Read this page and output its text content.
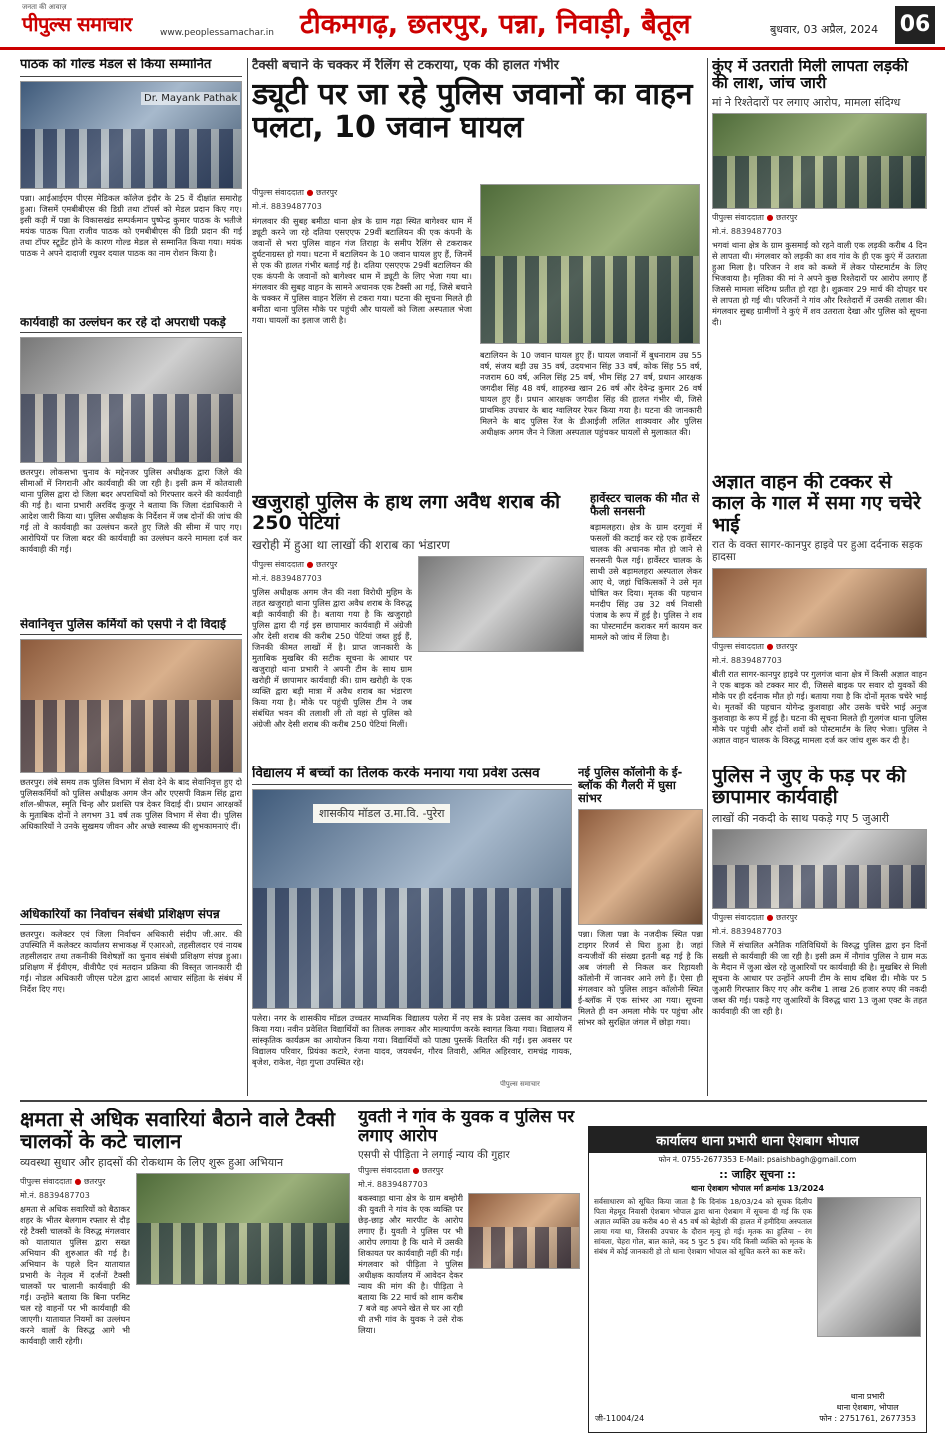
जनता की आवाज़
पीपुल्स समाचार	www.peoplessamachar.in टीकमगढ़, छतरपुर, पन्ना, निवाड़ी, बैतूल	बुधवार, 03 अप्रैल, 2024 06
पाठक को गोल्ड मेडल से किया सम्मानित
Dr. Mayank Pathak
पन्ना। आईआईएम पीएस मेडिकल कॉलेज इंदौर के 25 वें दीक्षांत समारोह हुआ। जिसमें एमबीबीएस की डिग्री तथा टॉपर्स को मेडल प्रदान किए गए। इसी कड़ी में पन्ना के विकासखंड सम्पर्कमान पुष्पेन्द्र कुमार पाठक के भतीजे मयंक पाठक पिता राजीव पाठक को एमबीबीएस की डिग्री प्रदान की गई तथा टॉपर स्टूडेंट होने के कारण गोल्ड मेडल से सम्मानित किया गया। मयंक पाठक ने अपने दादाजी रघुवर दयाल पाठक का नाम रोशन किया है।
कार्यवाही का उल्लंघन कर रहे दो अपराधी पकड़े
छतरपुर। लोकसभा चुनाव के मद्देनजर पुलिस अधीक्षक द्वारा जिले की सीमाओं में निगरानी और कार्यवाही की जा रही है। इसी क्रम में कोतवाली थाना पुलिस द्वारा दो जिला बदर अपराधियों को गिरफ्तार करने की कार्यवाही की गई है। थाना प्रभारी अरविंद कुजूर ने बताया कि जिला दंडाधिकारी ने आदेश जारी किया था। पुलिस अधीक्षक के निर्देशन में जब दोनों की जांच की गई तो वे कार्यवाही का उल्लंघन करते हुए जिले की सीमा में पाए गए। आरोपियों पर जिला बदर की कार्यवाही का उल्लंघन करने मामला दर्ज कर कार्यवाही की गई।
सेवानिवृत्त पुलिस कर्मियों को एसपी ने दी विदाई
छतरपुर। लंबे समय तक पुलिस विभाग में सेवा देने के बाद सेवानिवृत्त हुए दो पुलिसकर्मियों को पुलिस अधीक्षक अगम जैन और एएसपी विक्रम सिंह द्वारा शॉल-श्रीफल, स्मृति चिन्ह और प्रशस्ति पत्र देकर विदाई दी। प्रधान आरक्षकों के मुताबिक दोनों ने लगभग 31 वर्ष तक पुलिस विभाग में सेवा दी। पुलिस अधिकारियों ने उनके सुखमय जीवन और अच्छे स्वास्थ्य की शुभकामनाएं दीं।
अधिकारियों का निर्वाचन संबंधी प्रशिक्षण संपन्न
छतरपुर। कलेक्टर एवं जिला निर्वाचन अधिकारी संदीप जी.आर. की उपस्थिति में कलेक्टर कार्यालय सभाकक्ष में एआरओ, तहसीलदार एवं नायब तहसीलदार तथा तकनीकी विशेषज्ञों का चुनाव संबंधी प्रशिक्षण संपन्न हुआ। प्रशिक्षण में ईवीएम, वीवीपैट एवं मतदान प्रक्रिया की विस्तृत जानकारी दी गई। नोडल अधिकारी जीएस पटेल द्वारा आदर्श आचार संहिता के संबंध में निर्देश दिए गए।
टैक्सी बचाने के चक्कर में रैलिंग से टकराया, एक की हालत गंभीर
ड्यूटी पर जा रहे पुलिस जवानों का वाहन पलटा, 10 जवान घायल
पीपुल्स संवाददाता ● छतरपुर
मो.नं. 8839487703
मंगलवार की सुबह बमीठा थाना क्षेत्र के ग्राम गढ़ा स्थित बागेश्वर धाम में ड्यूटी करने जा रहे दतिया एसएएफ 29वीं बटालियन की एक कंपनी के जवानों से भरा पुलिस वाहन गंज तिराहा के समीप रैलिंग से टकराकर दुर्घटनाग्रस्त हो गया। घटना में बटालियन के 10 जवान घायल हुए हैं, जिनमें से एक की हालत गंभीर बताई गई है। दतिया एसएएफ 29वीं बटालियन की एक कंपनी के जवानों को बागेश्वर धाम में ड्यूटी के लिए भेजा गया था। मंगलवार की सुबह वाहन के सामने अचानक एक टैक्सी आ गई, जिसे बचाने के चक्कर में पुलिस वाहन रैलिंग से टकरा गया। घटना की सूचना मिलते ही बमीठा थाना पुलिस मौके पर पहुंची और घायलों को जिला अस्पताल भेजा गया। घायलों का इलाज जारी है।
बटालियन के 10 जवान घायल हुए हैं। घायल जवानों में बुधनाराम उम्र 55 वर्ष, संजय बड़ी उम्र 35 वर्ष, उदयभान सिंह 33 वर्ष, कोक सिंह 55 वर्ष, नजराम 60 वर्ष, अनिल सिंह 25 वर्ष, भीम सिंह 27 वर्ष, प्रधान आरक्षक जगदीश सिंह 48 वर्ष, शाहरुख खान 26 वर्ष और देवेन्द्र कुमार 26 वर्ष घायल हुए हैं। प्रधान आरक्षक जगदीश सिंह की हालत गंभीर थी, जिसे प्राथमिक उपचार के बाद ग्वालियर रेफर किया गया है। घटना की जानकारी मिलने के बाद पुलिस रेंज के डीआईजी ललित शाक्यवार और पुलिस अधीक्षक अगम जैन ने जिला अस्पताल पहुंचकर घायलों से मुलाकात की।
खजुराहो पुलिस के हाथ लगा अवैध शराब की 250 पेटियां
खरोही में हुआ था लाखों की शराब का भंडारण
पीपुल्स संवाददाता ● छतरपुर
मो.नं. 8839487703
पुलिस अधीक्षक अगम जैन की नशा विरोधी मुहिम के तहत खजुराहो थाना पुलिस द्वारा अवैध शराब के विरुद्ध बड़ी कार्यवाही की है। बताया गया है कि खजुराहो पुलिस द्वारा दी गई इस छापामार कार्यवाही में अंग्रेजी और देसी शराब की करीब 250 पेटियां जब्त हुई हैं, जिनकी कीमत लाखों में है। प्राप्त जानकारी के मुताबिक मुखबिर की सटीक सूचना के आधार पर खजुराहो थाना प्रभारी ने अपनी टीम के साथ ग्राम खरोही में छापामार कार्यवाही की। ग्राम खरोही के एक व्यक्ति द्वारा बड़ी मात्रा में अवैध शराब का भंडारण किया गया है। मौके पर पहुंची पुलिस टीम ने जब संबंधित भवन की तलाशी ली तो वहां से पुलिस को अंग्रेजी और देसी शराब की करीब 250 पेटियां मिलीं।
हार्वेस्टर चालक की मौत से फैली सनसनी
बड़ामलहरा। क्षेत्र के ग्राम दरगुवां में फसलों की कटाई कर रहे एक हार्वेस्टर चालक की अचानक मौत हो जाने से सनसनी फैल गई। हार्वेस्टर चालक के साथी उसे बड़ामलहरा अस्पताल लेकर आए थे, जहां चिकित्सकों ने उसे मृत घोषित कर दिया। मृतक की पहचान मनदीप सिंह उम्र 32 वर्ष निवासी पंजाब के रूप में हुई है। पुलिस ने शव का पोस्टमार्टम कराकर मर्ग कायम कर मामले को जांच में लिया है।
विद्यालय में बच्चों का तिलक करके मनाया गया प्रवेश उत्सव
शासकीय मॉडल उ.मा.वि. -पुरेरा
पलेरा। नगर के शासकीय मॉडल उच्चतर माध्यमिक विद्यालय पलेरा में नए सत्र के प्रवेश उत्सव का आयोजन किया गया। नवीन प्रवेशित विद्यार्थियों का तिलक लगाकर और माल्यार्पण करके स्वागत किया गया। विद्यालय में सांस्कृतिक कार्यक्रम का आयोजन किया गया। विद्यार्थियों को पाठ्य पुस्तकें वितरित की गईं। इस अवसर पर विद्यालय परिवार, प्रियंका कटारे, रंजना यादव, जयवर्धन, गौरव तिवारी, अमित अहिरवार, रामचंद्र गायक, बृजेश, राकेश, नेहा गुप्ता उपस्थित रहे।
पीपुल्स समाचार
नई पुलिस कॉलोनी के ई-ब्लॉक की गैलरी में घुसा सांभर
पन्ना। जिला पन्ना के नजदीक स्थित पन्ना टाइगर रिजर्व से घिरा हुआ है। जहां वन्यजीवों की संख्या इतनी बढ़ गई है कि अब जंगली से निकल कर रिहायशी कॉलोनी में जानवर आने लगे हैं। ऐसा ही मंगलवार को पुलिस लाइन कॉलोनी स्थित ई-ब्लॉक में एक सांभर आ गया। सूचना मिलते ही वन अमला मौके पर पहुंचा और सांभर को सुरक्षित जंगल में छोड़ा गया।
कुंए में उतराती मिली लापता लड़की की लाश, जांच जारी
मां ने रिश्तेदारों पर लगाए आरोप, मामला संदिग्ध
पीपुल्स संवाददाता ● छतरपुर
मो.नं. 8839487703
भगवां थाना क्षेत्र के ग्राम कुसमाई को रहने वाली एक लड़की करीब 4 दिन से लापता थी। मंगलवार को लड़की का शव गांव के ही एक कुएं में उतराता हुआ मिला है। परिजन ने शव को कब्जे में लेकर पोस्टमार्टम के लिए भिजवाया है। मृतिका की मां ने अपने कुछ रिश्तेदारों पर आरोप लगाए हैं जिससे मामला संदिग्ध प्रतीत हो रहा है। शुक्रवार 29 मार्च की दोपहर घर से लापता हो गई थी। परिजनों ने गांव और रिश्तेदारों में उसकी तलाश की। मंगलवार सुबह ग्रामीणों ने कुएं में शव उतराता देखा और पुलिस को सूचना दी।
अज्ञात वाहन की टक्कर से काल के गाल में समा गए चचेरे भाई
रात के वक्त सागर-कानपुर हाइवे पर हुआ दर्दनाक सड़क हादसा
पीपुल्स संवाददाता ● छतरपुर
मो.नं. 8839487703
बीती रात सागर-कानपुर हाइवे पर गुलगंज थाना क्षेत्र में किसी अज्ञात वाहन ने एक बाइक को टक्कर मार दी, जिससे बाइक पर सवार दो युवकों की मौके पर ही दर्दनाक मौत हो गई। बताया गया है कि दोनों मृतक चचेरे भाई थे। मृतकों की पहचान योगेन्द्र कुशवाहा और उसके चचेरे भाई अनुज कुशवाहा के रूप में हुई है। घटना की सूचना मिलते ही गुलगंज थाना पुलिस मौके पर पहुंची और दोनों शवों को पोस्टमार्टम के लिए भेजा। पुलिस ने अज्ञात वाहन चालक के विरुद्ध मामला दर्ज कर जांच शुरू कर दी है।
पुलिस ने जुए के फड़ पर की छापामार कार्यवाही
लाखों की नकदी के साथ पकड़े गए 5 जुआरी
पीपुल्स संवाददाता ● छतरपुर
मो.नं. 8839487703
जिले में संचालित अनैतिक गतिविधियों के विरुद्ध पुलिस द्वारा इन दिनों सख्ती से कार्यवाही की जा रही है। इसी क्रम में नौगांव पुलिस ने ग्राम मऊ के मैदान में जुआ खेल रहे जुआरियों पर कार्यवाही की है। मुखबिर से मिली सूचना के आधार पर उन्होंने अपनी टीम के साथ दबिश दी। मौके पर 5 जुआरी गिरफ्तार किए गए और करीब 1 लाख 26 हजार रुपए की नकदी जब्त की गई। पकड़े गए जुआरियों के विरुद्ध धारा 13 जुआ एक्ट के तहत कार्यवाही की जा रही है।
क्षमता से अधिक सवारियां बैठाने वाले टैक्सी चालकों के कटे चालान
व्यवस्था सुधार और हादसों की रोकथाम के लिए शुरू हुआ अभियान
पीपुल्स संवाददाता ● छतरपुर
मो.नं. 8839487703
क्षमता से अधिक सवारियों को बैठाकर शहर के भीतर बेलगाम रफ्तार से दौड़ रहे टैक्सी चालकों के विरुद्ध मंगलवार को यातायात पुलिस द्वारा सख्त अभियान की शुरुआत की गई है। अभियान के पहले दिन यातायात प्रभारी के नेतृत्व में दर्जनों टैक्सी चालकों पर चालानी कार्यवाही की गई। उन्होंने बताया कि बिना परमिट चल रहे वाहनों पर भी कार्यवाही की जाएगी। यातायात नियमों का उल्लंघन करने वालों के विरुद्ध आगे भी कार्यवाही जारी रहेगी।
युवती ने गांव के युवक व पुलिस पर लगाए आरोप
एसपी से पीड़िता ने लगाई न्याय की गुहार
पीपुल्स संवाददाता ● छतरपुर
मो.नं. 8839487703
बकस्वाहा थाना क्षेत्र के ग्राम बम्होरी की युवती ने गांव के एक व्यक्ति पर छेड़-छाड़ और मारपीट के आरोप लगाए हैं। युवती ने पुलिस पर भी आरोप लगाया है कि थाने में उसकी शिकायत पर कार्यवाही नहीं की गई। मंगलवार को पीड़िता ने पुलिस अधीक्षक कार्यालय में आवेदन देकर न्याय की मांग की है। पीड़िता ने बताया कि 22 मार्च को शाम करीब 7 बजे वह अपने खेत से घर आ रही थी तभी गांव के युवक ने उसे रोक लिया।
कार्यालय थाना प्रभारी थाना ऐशबाग भोपाल
फोन नं. 0755-2677353 E-Mail: psaishbagh@gmail.com
:: जाहिर सूचना ::
थाना ऐशबाग भोपाल मर्ग क्रमांक 13/2024
सर्वसाधारण को सूचित किया जाता है कि दिनांक 18/03/24 को सूचक दिलीप पिता मेहमूद निवासी ऐशबाग भोपाल द्वारा थाना ऐशबाग में सूचना दी गई कि एक अज्ञात व्यक्ति उम्र करीब 40 से 45 वर्ष को बेहोशी की हालत में हमीदिया अस्पताल लाया गया था, जिसकी उपचार के दौरान मृत्यु हो गई। मृतक का हुलिया – रंग सांवला, चेहरा गोल, बाल काले, कद 5 फुट 5 इंच। यदि किसी व्यक्ति को मृतक के संबंध में कोई जानकारी हो तो थाना ऐशबाग भोपाल को सूचित करने का कष्ट करें।
थाना प्रभारी
थाना ऐशबाग, भोपाल
फोन : 2751761, 2677353
जी-11004/24
